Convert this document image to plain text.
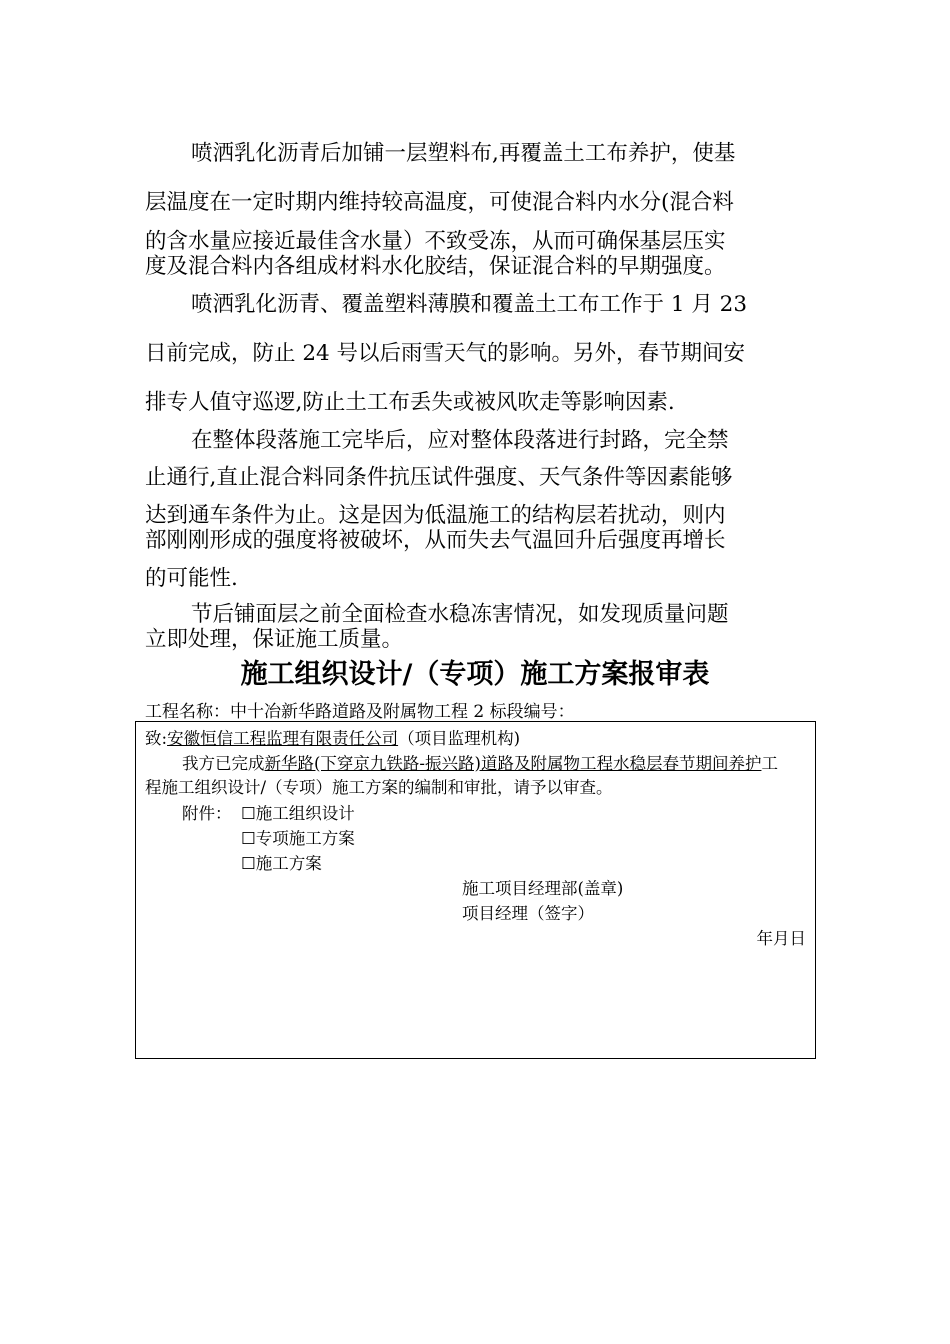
喷洒乳化沥青后加铺一层塑料布,再覆盖土工布养护，使基

层温度在一定时期内维持较高温度，可使混合料内水分(混合料

的含水量应接近最佳含水量）不致受冻，从而可确保基层压实

度及混合料内各组成材料水化胶结，保证混合料的早期强度。

喷洒乳化沥青、覆盖塑料薄膜和覆盖土工布工作于 1 月 23

日前完成，防止 24 号以后雨雪天气的影响。另外，春节期间安

排专人值守巡逻,防止土工布丢失或被风吹走等影响因素.

在整体段落施工完毕后，应对整体段落进行封路，完全禁

止通行,直止混合料同条件抗压试件强度、天气条件等因素能够

达到通车条件为止。这是因为低温施工的结构层若扰动，则内

部刚刚形成的强度将被破坏，从而失去气温回升后强度再增长

的可能性.

节后铺面层之前全面检查水稳冻害情况，如发现质量问题

立即处理，保证施工质量。

施工组织设计/（专项）施工方案报审表
工程名称：中十冶新华路道路及附属物工程 2 标段编号：
致:安徽恒信工程监理有限责任公司（项目监理机构)
我方已完成新华路(下穿京九铁路-振兴路)道路及附属物工程水稳层春节期间养护工
程施工组织设计/（专项）施工方案的编制和审批，请予以审查。
附件： ☐施工组织设计
☐专项施工方案
☐施工方案
施工项目经理部(盖章)
项目经理（签字）
年月日
